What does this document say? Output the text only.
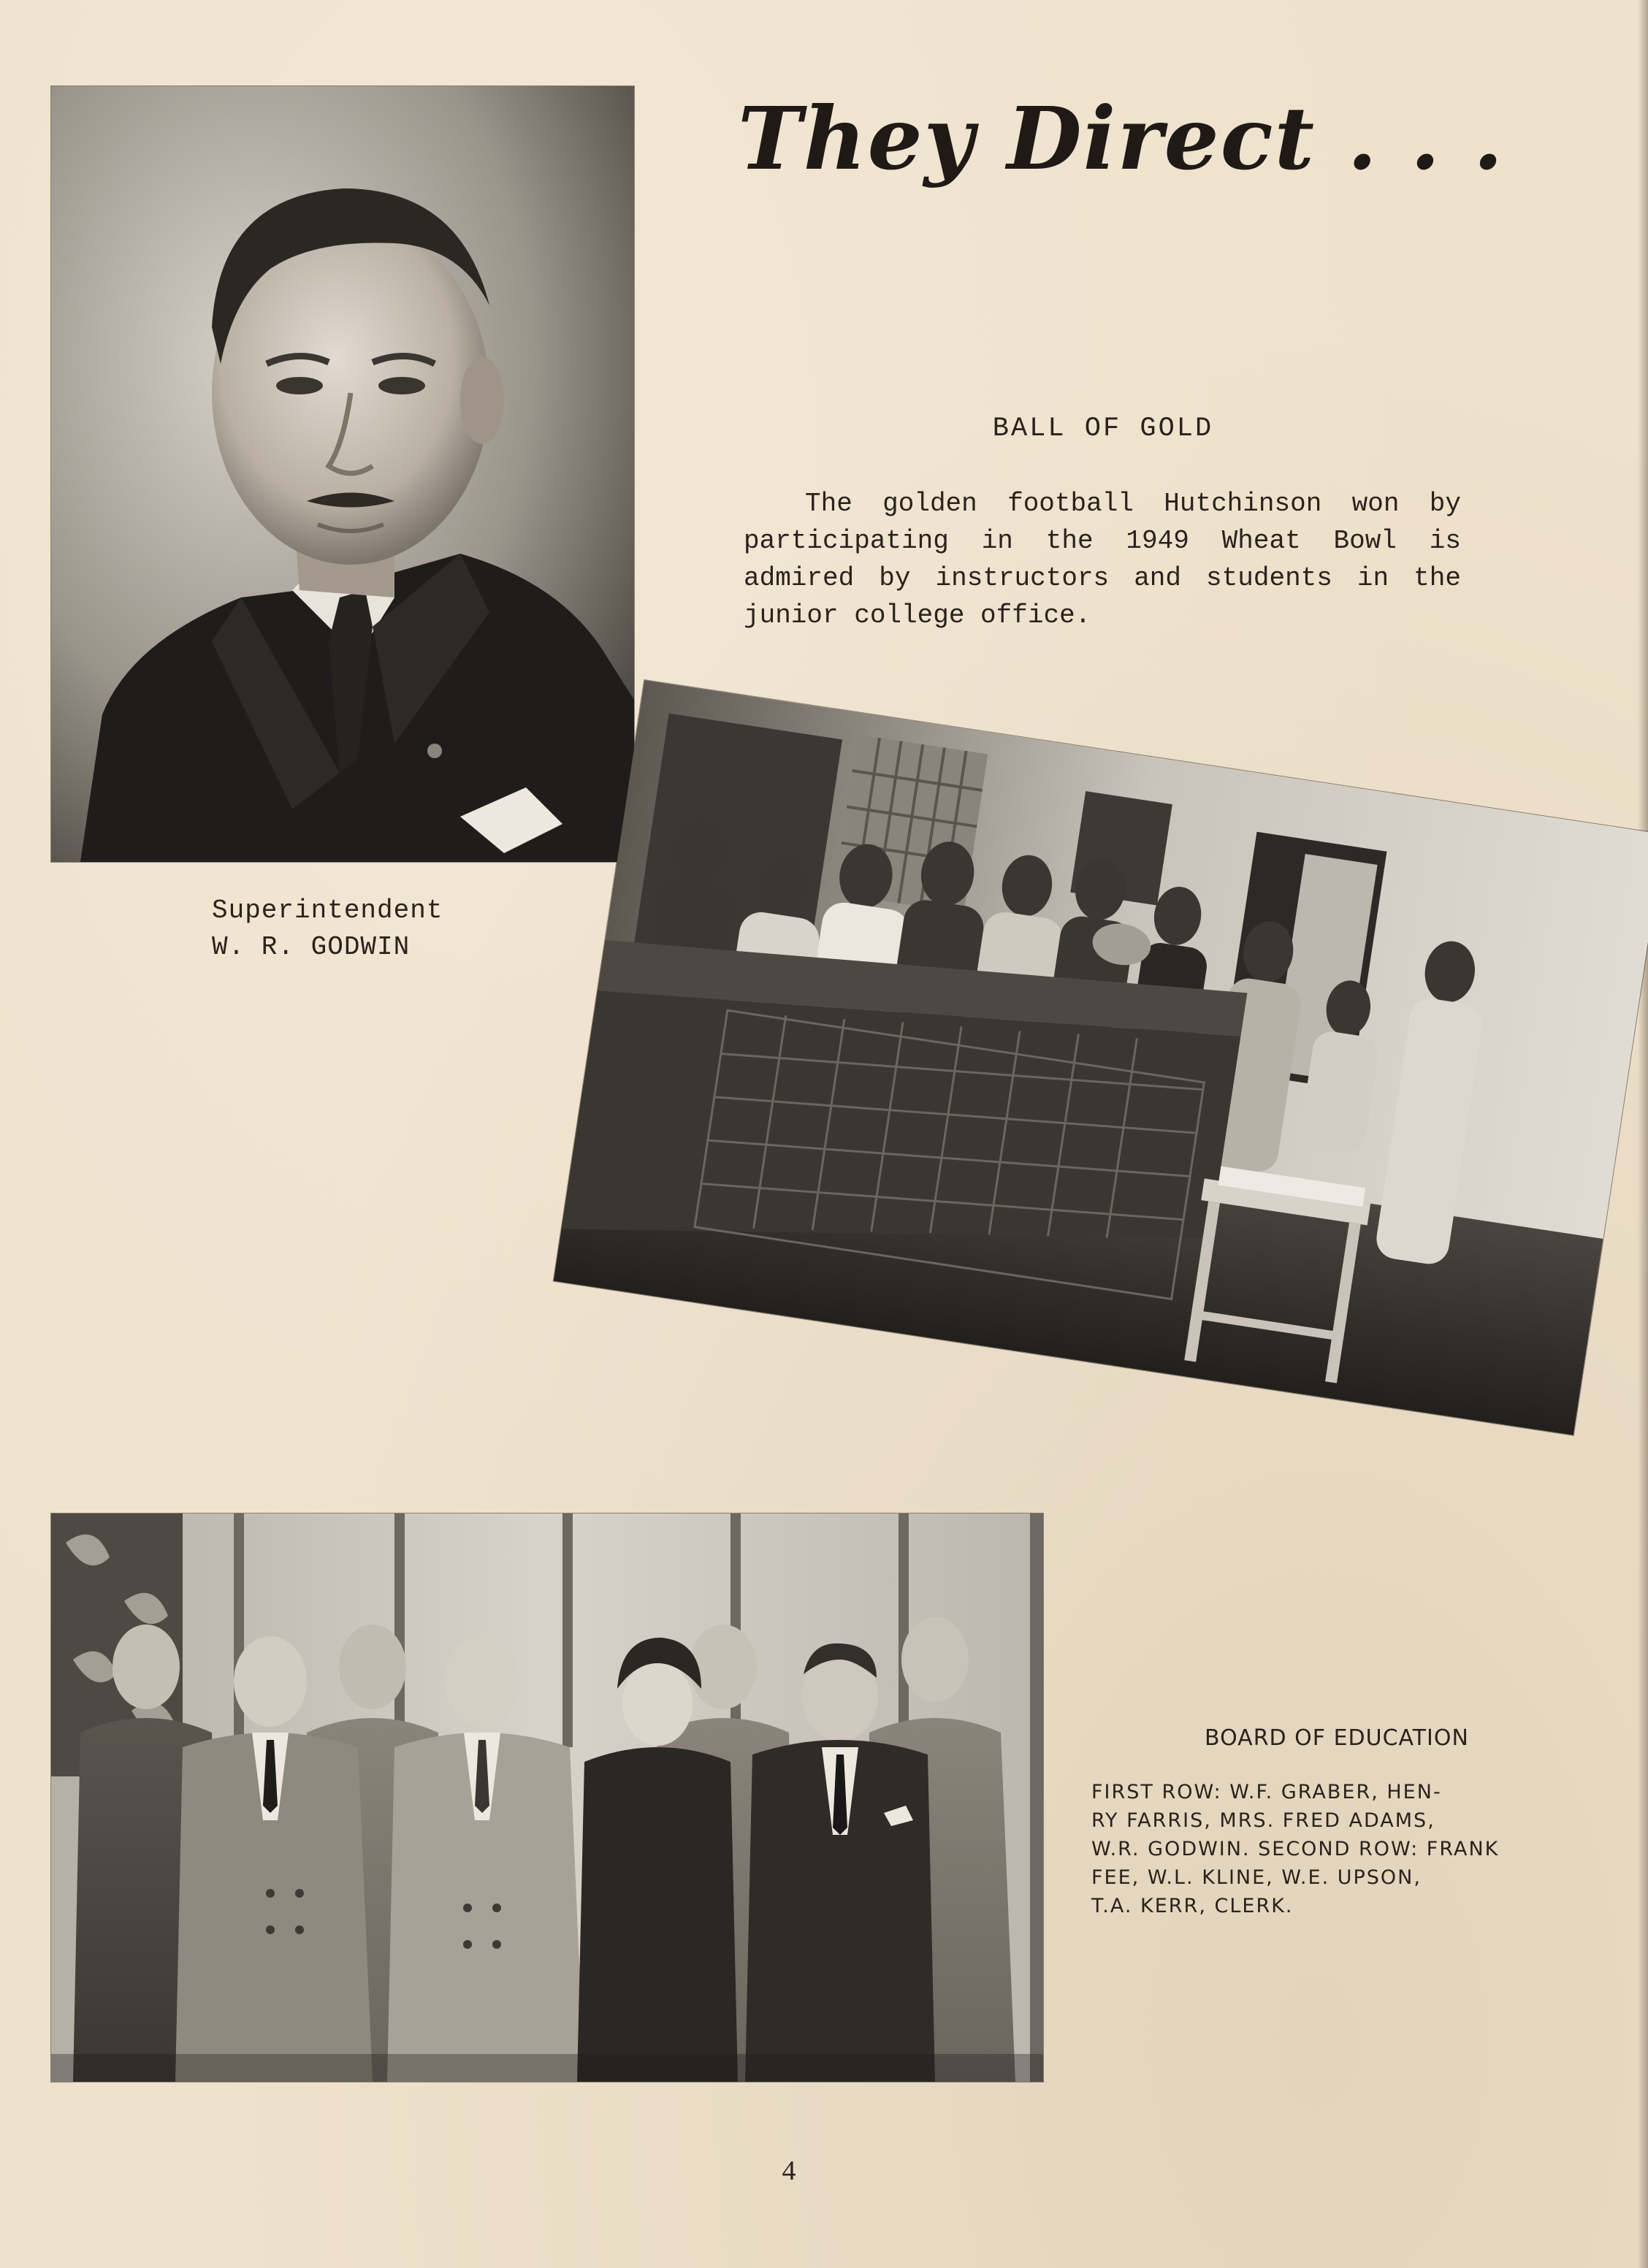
They Direct . . .
BALL OF GOLD
The golden football Hutchinson won by participating in the 1949 Wheat Bowl is admired by instructors and students in the junior college office.
Superintendent
W. R. GODWIN
BOARD OF EDUCATION
FIRST ROW: W.F. GRABER, HEN-
RY FARRIS, MRS. FRED ADAMS,
W.R. GODWIN. SECOND ROW: FRANK
FEE, W.L. KLINE, W.E. UPSON,
T.A. KERR, CLERK.
4
